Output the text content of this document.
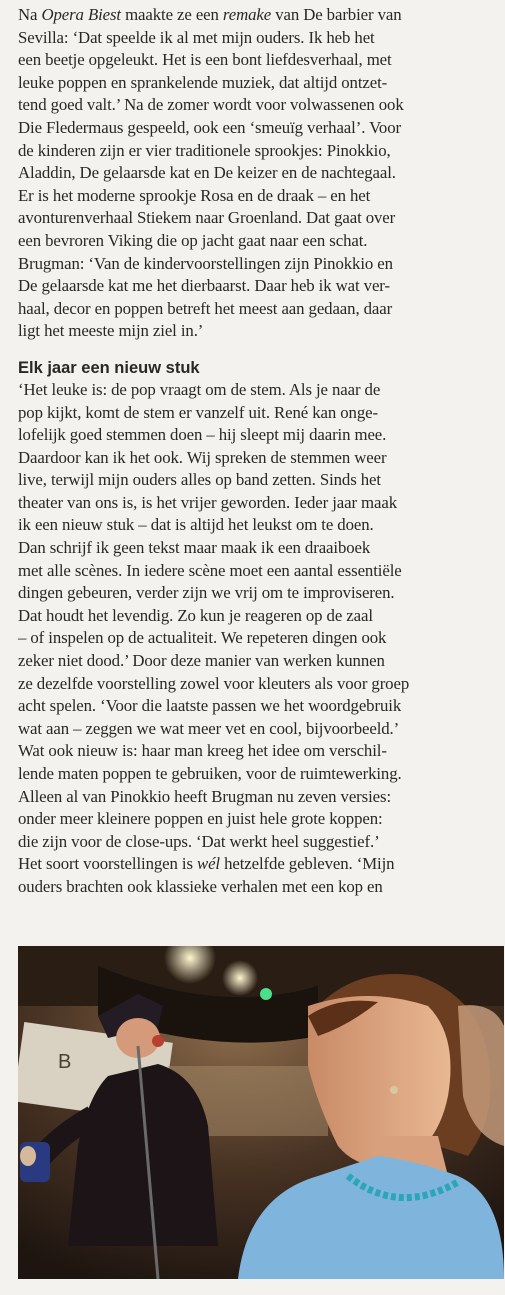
Na Opera Biest maakte ze een remake van De barbier van
Sevilla: ‘Dat speelde ik al met mijn ouders. Ik heb het
een beetje opgeleukt. Het is een bont liefdesverhaal, met
leuke poppen en sprankelende muziek, dat altijd ontzet-
tend goed valt.’ Na de zomer wordt voor volwassenen ook
Die Fledermaus gespeeld, ook een ‘smeuïg verhaal’. Voor
de kinderen zijn er vier traditionele sprookjes: Pinokkio,
Aladdin, De gelaarsde kat en De keizer en de nachtegaal.
Er is het moderne sprookje Rosa en de draak – en het
avonturenverhaal Stiekem naar Groenland. Dat gaat over
een bevroren Viking die op jacht gaat naar een schat.
Brugman: ‘Van de kindervoorstellingen zijn Pinokkio en
De gelaarsde kat me het dierbaarst. Daar heb ik wat ver-
haal, decor en poppen betreft het meest aan gedaan, daar
ligt het meeste mijn ziel in.’
Elk jaar een nieuw stuk
‘Het leuke is: de pop vraagt om de stem. Als je naar de
pop kijkt, komt de stem er vanzelf uit. René kan onge-
lofelijk goed stemmen doen – hij sleept mij daarin mee.
Daardoor kan ik het ook. Wij spreken de stemmen weer
live, terwijl mijn ouders alles op band zetten. Sinds het
theater van ons is, is het vrijer geworden. Ieder jaar maak
ik een nieuw stuk – dat is altijd het leukst om te doen.
Dan schrijf ik geen tekst maar maak ik een draaiboek
met alle scènes. In iedere scène moet een aantal essentiële
dingen gebeuren, verder zijn we vrij om te improviseren.
Dat houdt het levendig. Zo kun je reageren op de zaal
– of inspelen op de actualiteit. We repeteren dingen ook
zeker niet dood.’ Door deze manier van werken kunnen
ze dezelfde voorstelling zowel voor kleuters als voor groep
acht spelen. ‘Voor die laatste passen we het woordgebruik
wat aan – zeggen we wat meer vet en cool, bijvoorbeeld.’
Wat ook nieuw is: haar man kreeg het idee om verschil-
lende maten poppen te gebruiken, voor de ruimtewerking.
Alleen al van Pinokkio heeft Brugman nu zeven versies:
onder meer kleinere poppen en juist hele grote koppen:
die zijn voor de close-ups. ‘Dat werkt heel suggestief.’
Het soort voorstellingen is wél hetzelfde gebleven. ‘Mijn
ouders brachten ook klassieke verhalen met een kop en
B
